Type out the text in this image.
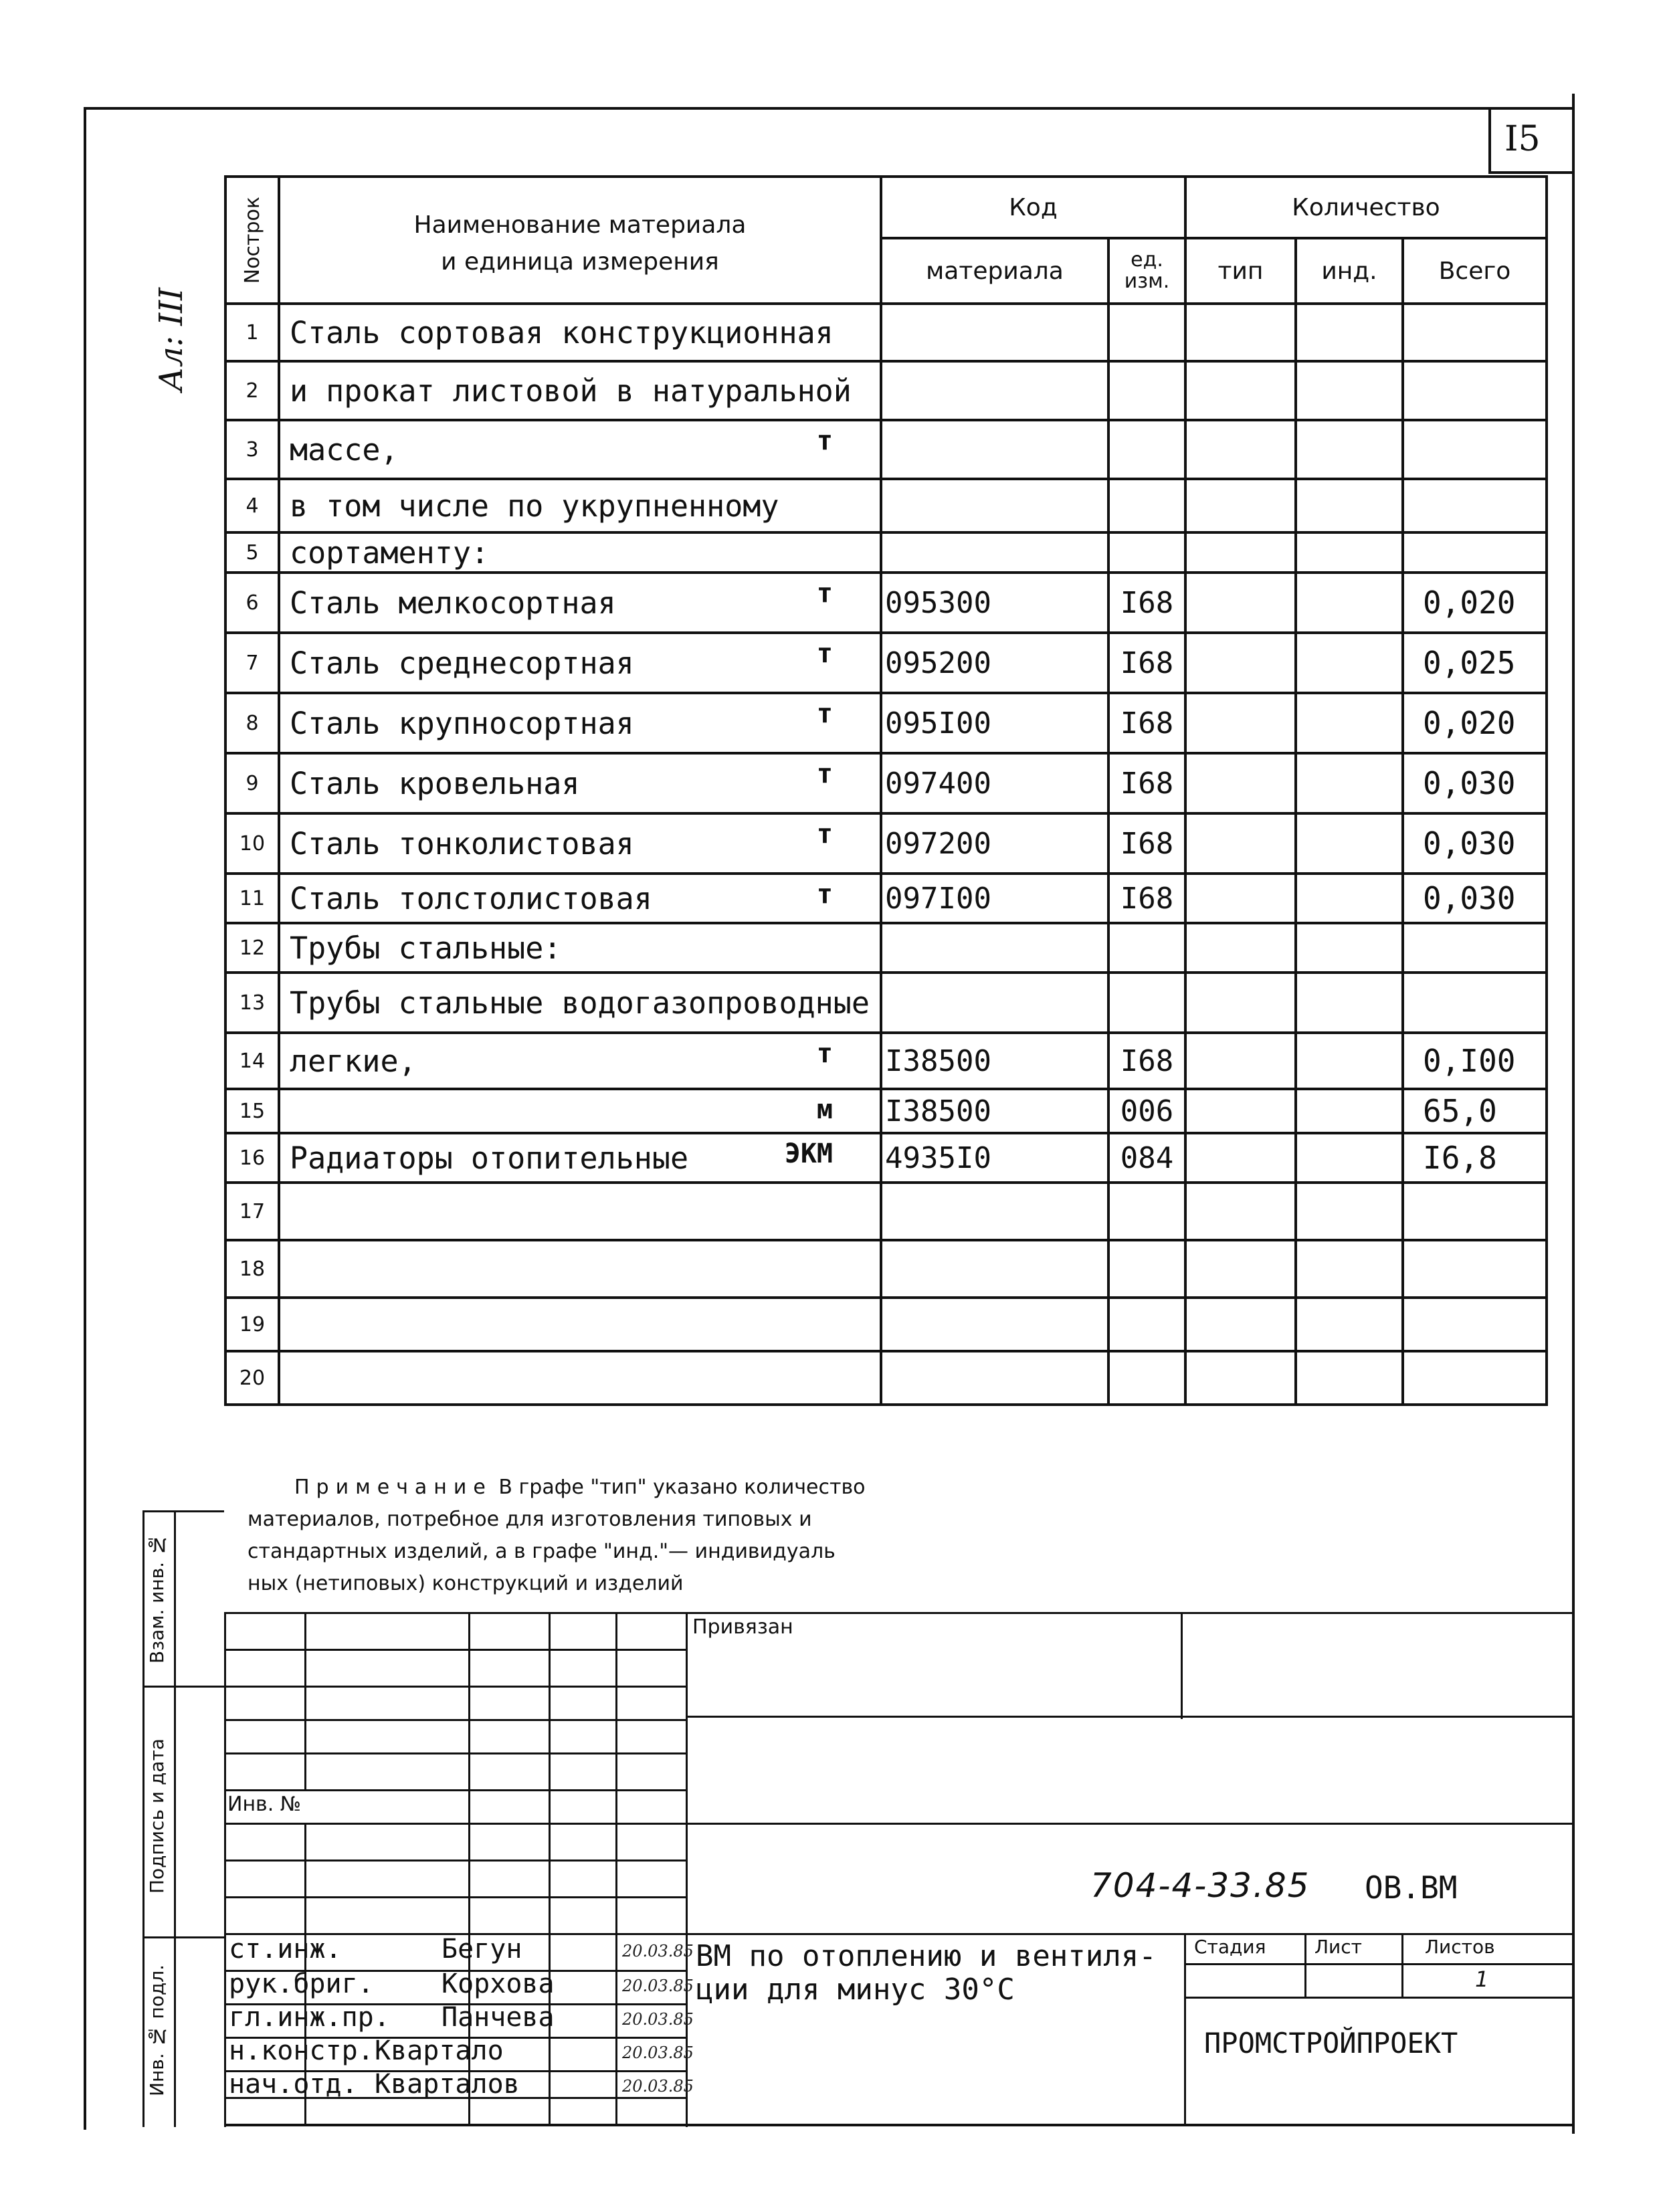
I5
Ал: III
Nострок	Наименование материала
и единица измерения	Код		Количество		
		материала	ед. изм.	тип	инд.	Всего
1	Сталь сортовая конструкционная

2	и прокат листовой в натуральной

3	массе, т					

4	в том числе по укрупненному

5	сортаменту:

6	Сталь мелкосортная т	095300	I68			0,020
7	Сталь среднесортная т	095200	I68			0,025
8	Сталь крупносортная т	095I00	I68			0,020
9	Сталь кровельная т	097400	I68			0,030
10	Сталь тонколистовая т	097200	I68			0,030
11	Сталь толстолистовая т	097I00	I68			0,030
12	Трубы стальные:

13	Трубы стальные водогазопроводные

14	легкие, т	I38500	I68			0,I00
15	м	I38500	006			65,0
16	Радиаторы отопительные ЭКМ	4935I0	084			I6,8
17	

18	

19	

20	

Примечание В графе "тип" указано количество
материалов, потребное для изготовления типовых и
стандартных изделий, а в графе "инд."— индивидуаль
ных (нетиповых) конструкций и изделий
Взам. инв. №
Подпись и дата
Инв. № подл.
Инв. №
Привязан
704-4-33.85 ОВ.ВМ
ВМ по отоплению и вентиля-
ции для минус 30°С
Стадия	Лист	Листов
1
ПРОМСТРОЙПРОЕКТ
ст.инж.	Бегун	20.03.85
рук.бриг.	Корхова	20.03.85
гл.инж.пр. Панчева	20.03.85
н.констр. Квартало	20.03.85
нач.отд. Кварталов	20.03.85
